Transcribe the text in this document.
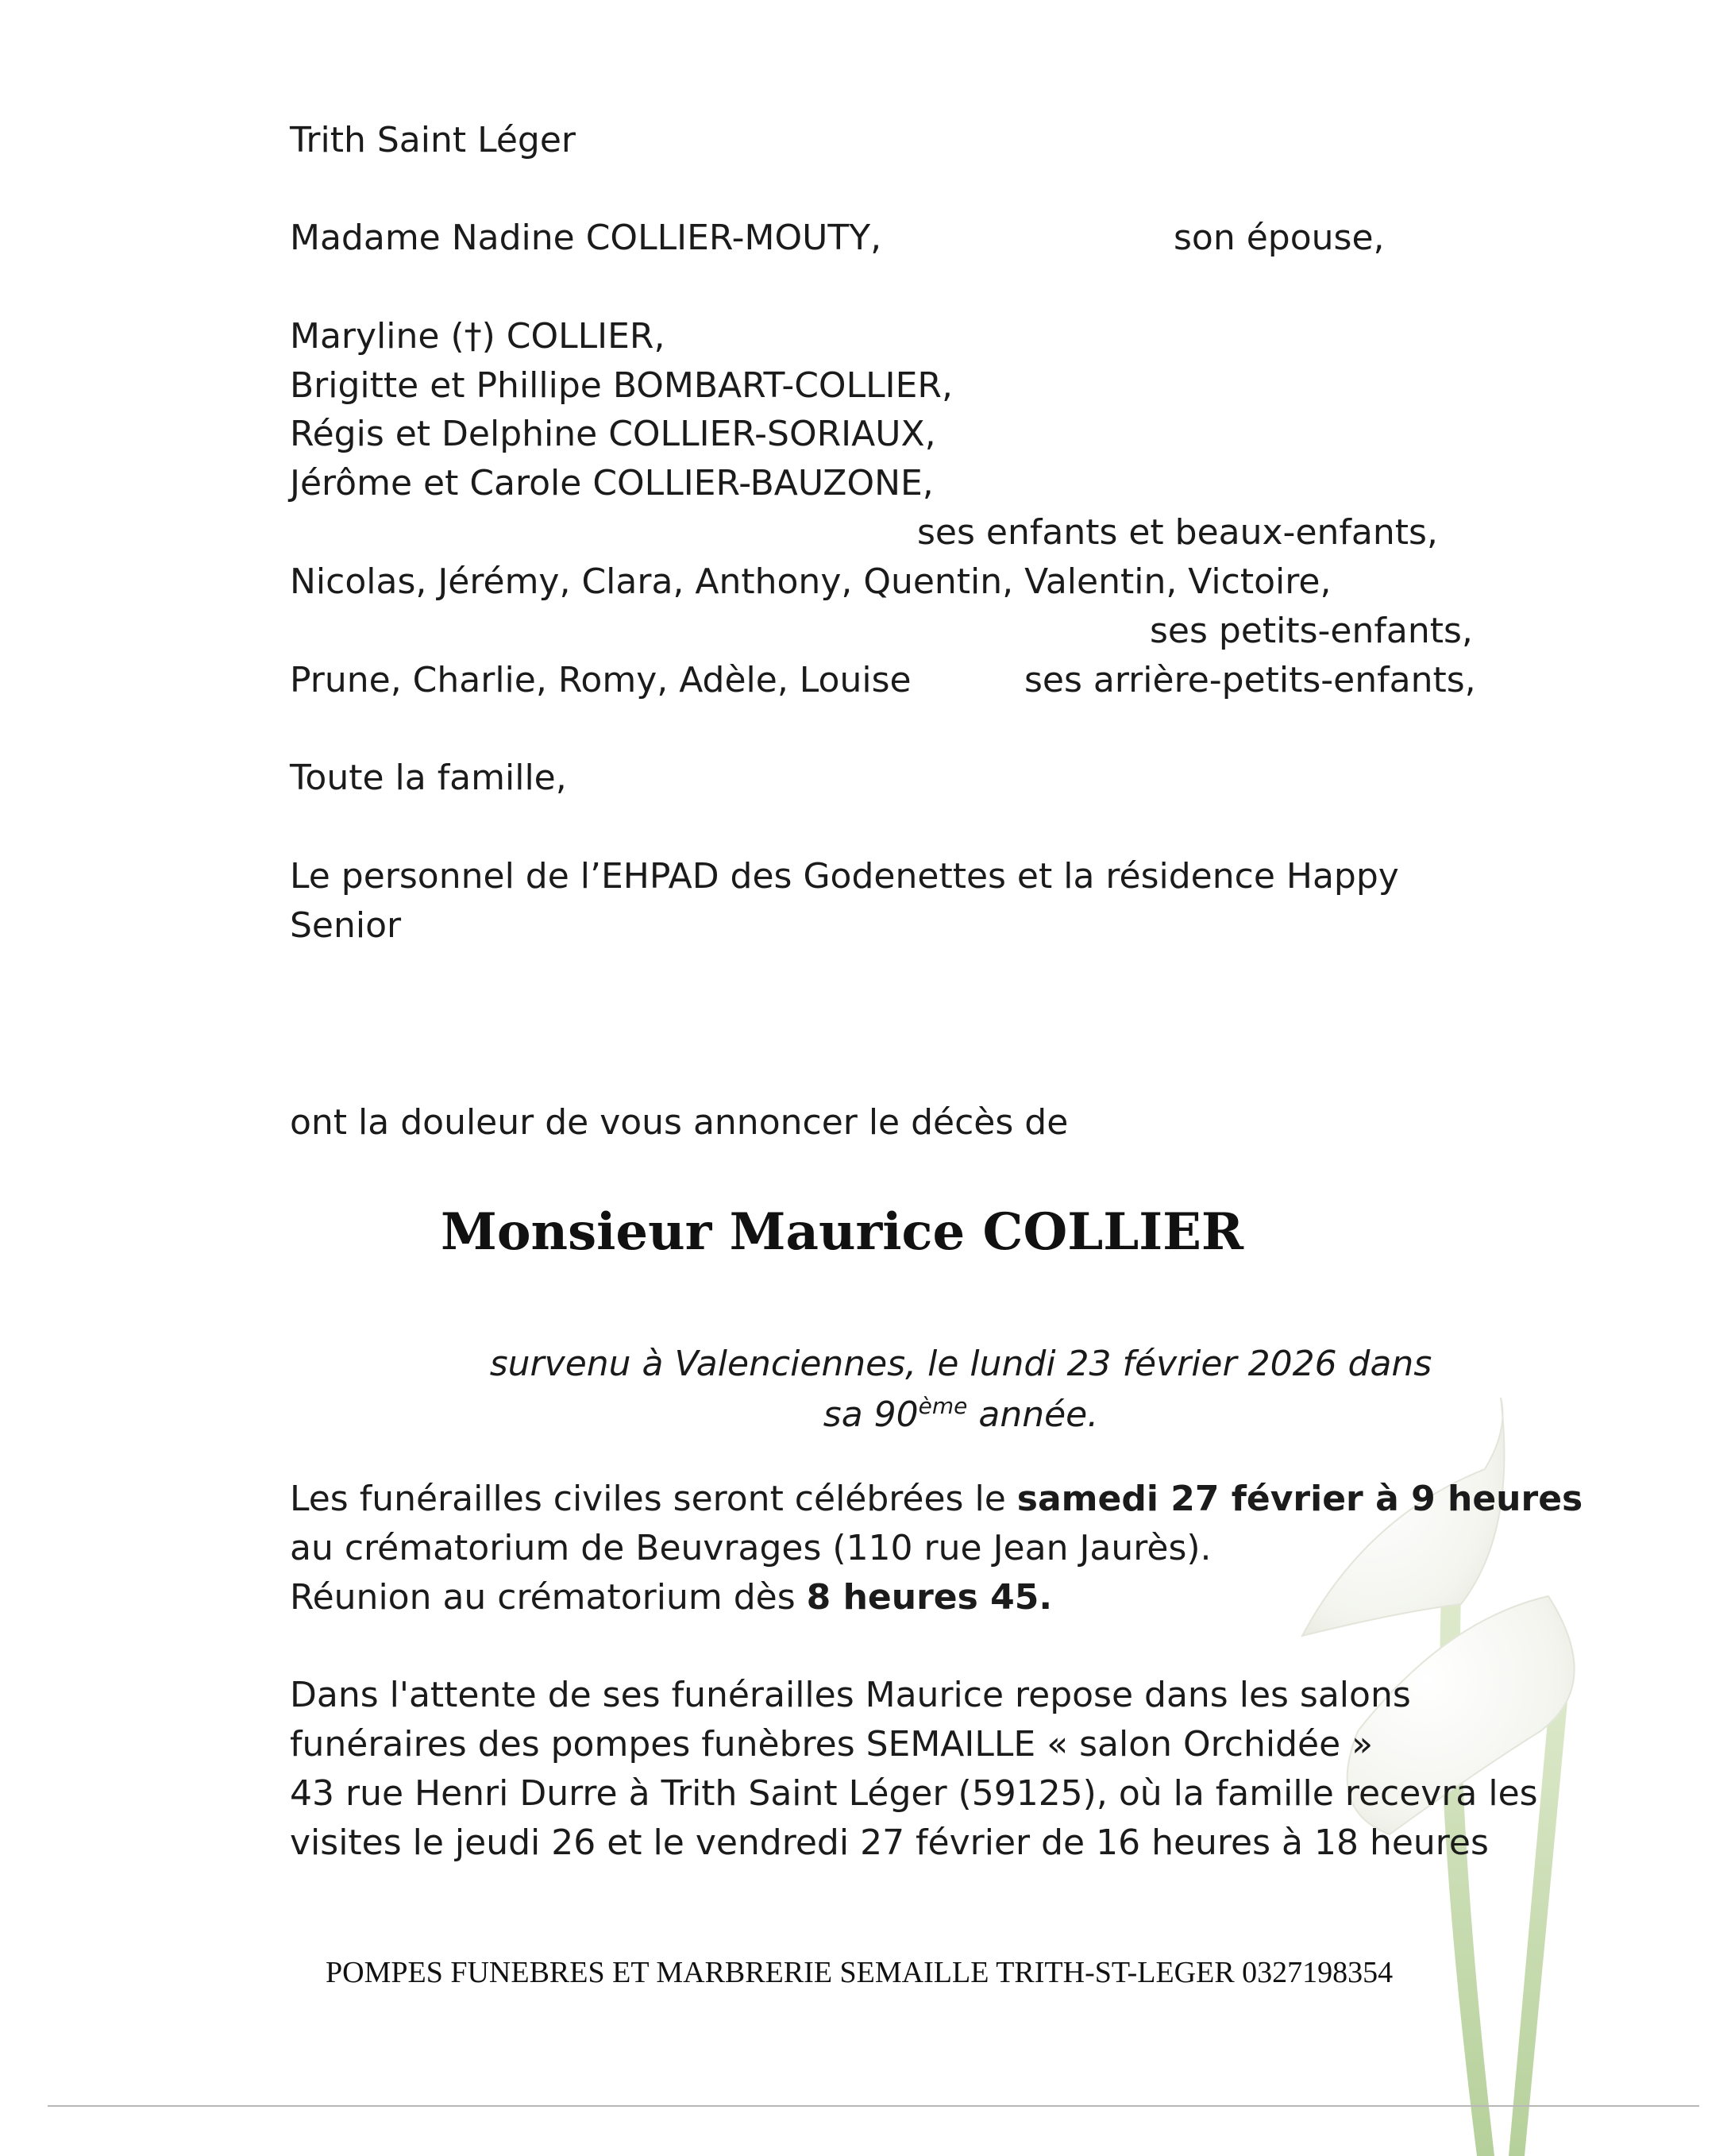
Trith Saint Léger
Madame Nadine COLLIER-MOUTY,	son épouse,
Maryline (†) COLLIER,
Brigitte et Phillipe BOMBART-COLLIER,
Régis et Delphine COLLIER-SORIAUX,
Jérôme et Carole COLLIER-BAUZONE,
ses enfants et beaux-enfants,
Nicolas, Jérémy, Clara, Anthony, Quentin, Valentin, Victoire,
ses petits-enfants,
Prune, Charlie, Romy, Adèle, Louise	ses arrière-petits-enfants,
Toute la famille,
Le personnel de l’EHPAD des Godenettes et la résidence Happy
Senior
ont la douleur de vous annoncer le décès de
Monsieur Maurice COLLIER
survenu à Valenciennes, le lundi 23 février 2026 dans
sa 90ème année.
Les funérailles civiles seront célébrées le samedi 27 février à 9 heures
au crématorium de Beuvrages (110 rue Jean Jaurès).
Réunion au crématorium dès 8 heures 45.
Dans l'attente de ses funérailles Maurice repose dans les salons
funéraires des pompes funèbres SEMAILLE « salon Orchidée »
43 rue Henri Durre à Trith Saint Léger (59125), où la famille recevra les
visites le jeudi 26 et le vendredi 27 février de 16 heures à 18 heures
POMPES FUNEBRES ET MARBRERIE SEMAILLE TRITH-ST-LEGER 0327198354
